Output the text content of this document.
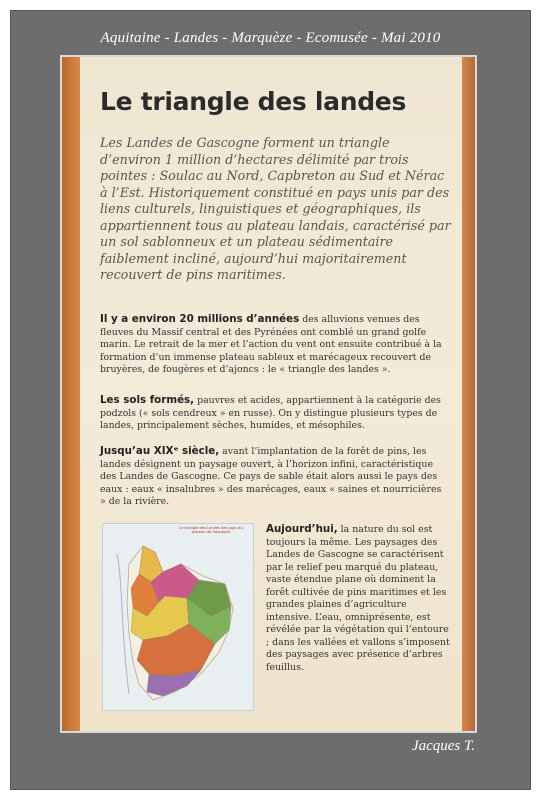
Aquitaine - Landes - Marquèze - Ecomusée - Mai 2010
Le triangle des landes

Les Landes de Gascogne forment un triangle d’environ 1 million d’hectares délimité par trois pointes : Soulac au Nord, Capbreton au Sud et Nérac à l’Est. Historiquement constitué en pays unis par des liens culturels, linguistiques et géographiques, ils appartiennent tous au plateau landais, caractérisé par un sol sablonneux et un plateau sédimentaire faiblement incliné, aujourd’hui majoritairement recouvert de pins maritimes.

Il y a environ 20 millions d’années des alluvions venues des fleuves du Massif central et des Pyrénées ont comblé un grand golfe marin. Le retrait de la mer et l’action du vent ont ensuite contribué à la formation d’un immense plateau sableux et marécageux recouvert de bruyères, de fougères et d’ajoncs : le « triangle des landes ».

Les sols formés, pauvres et acides, appartiennent à la catégorie des podzols (« sols cendreux » en russe). On y distingue plusieurs types de landes, principalement sèches, humides, et mésophiles.

Jusqu’au XIXᵉ siècle, avant l’implantation de la forêt de pins, les landes désignent un paysage ouvert, à l’horizon infini, caractéristique des Landes de Gascogne. Ce pays de sable était alors aussi le pays des eaux : eaux « insalubres » des marécages, eaux « saines et nourricières » de la rivière.

Le triangle des Landes des pays du plateau de Gascogne	Aujourd’hui, la nature du sol est toujours la même. Les paysages des Landes de Gascogne se caractérisent par le relief peu marqué du plateau, vaste étendue plane où dominent la forêt cultivée de pins maritimes et les grandes plaines d’agriculture intensive. L’eau, omniprésente, est révélée par la végétation qui l’entoure ; dans les vallées et vallons s’imposent des paysages avec présence d’arbres feuillus.

Jacques T.
